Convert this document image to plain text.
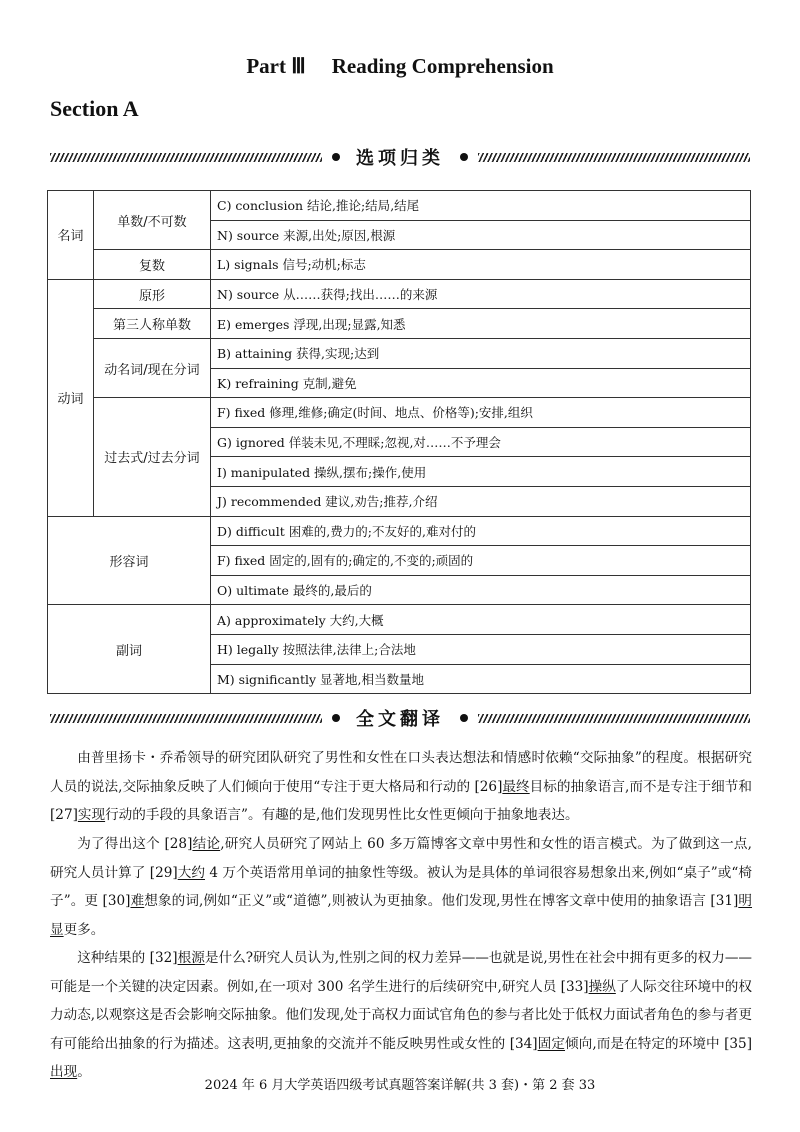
Part Ⅲ Reading Comprehension
Section A
选项归类
名词	单数/不可数	C) conclusion 结论,推论;结局,结尾
		N) source 来源,出处;原因,根源
	复数	L) signals 信号;动机;标志
动词	原形	N) source 从……获得;找出……的来源
	第三人称单数	E) emerges 浮现,出现;显露,知悉
	动名词/现在分词	B) attaining 获得,实现;达到
		K) refraining 克制,避免
	过去式/过去分词	F) fixed 修理,维修;确定(时间、地点、价格等);安排,组织
		G) ignored 佯装未见,不理睬;忽视,对……不予理会
		I) manipulated 操纵,摆布;操作,使用
		J) recommended 建议,劝告;推荐,介绍
形容词		D) difficult 困难的,费力的;不友好的,难对付的
		F) fixed 固定的,固有的;确定的,不变的;顽固的
		O) ultimate 最终的,最后的
副词		A) approximately 大约,大概
		H) legally 按照法律,法律上;合法地
		M) significantly 显著地,相当数量地
全文翻译

由普里扬卡・乔希领导的研究团队研究了男性和女性在口头表达想法和情感时依赖“交际抽象”的程度。根据研究人员的说法,交际抽象反映了人们倾向于使用“专注于更大格局和行动的 [26]最终目标的抽象语言,而不是专注于细节和 [27]实现行动的手段的具象语言”。有趣的是,他们发现男性比女性更倾向于抽象地表达。

为了得出这个 [28]结论,研究人员研究了网站上 60 多万篇博客文章中男性和女性的语言模式。为了做到这一点,研究人员计算了 [29]大约 4 万个英语常用单词的抽象性等级。被认为是具体的单词很容易想象出来,例如“桌子”或“椅子”。更 [30]难想象的词,例如“正义”或“道德”,则被认为更抽象。他们发现,男性在博客文章中使用的抽象语言 [31]明显更多。

这种结果的 [32]根源是什么?研究人员认为,性别之间的权力差异——也就是说,男性在社会中拥有更多的权力——可能是一个关键的决定因素。例如,在一项对 300 名学生进行的后续研究中,研究人员 [33]操纵了人际交往环境中的权力动态,以观察这是否会影响交际抽象。他们发现,处于高权力面试官角色的参与者比处于低权力面试者角色的参与者更有可能给出抽象的行为描述。这表明,更抽象的交流并不能反映男性或女性的 [34]固定倾向,而是在特定的环境中 [35]出现。

2024 年 6 月大学英语四级考试真题答案详解(共 3 套)・第 2 套 33
